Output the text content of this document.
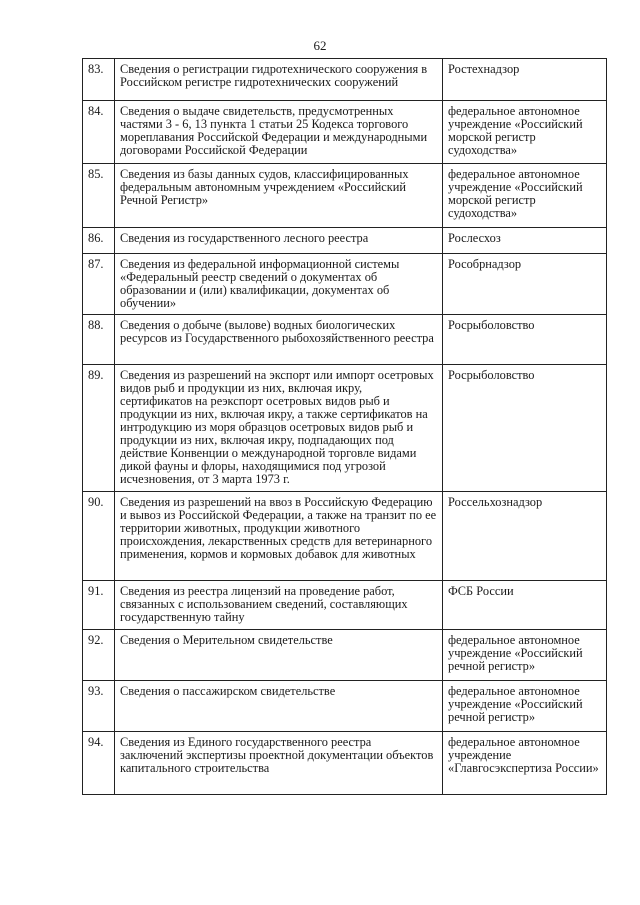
62
83.	Сведения о регистрации гидротехнического сооружения в Российском регистре гидротехнических сооружений	Ростехнадзор
84.	Сведения о выдаче свидетельств, предусмотренных частями 3 - 6, 13 пункта 1 статьи 25 Кодекса торгового мореплавания Российской Федерации и международными договорами Российской Федерации	федеральное автономное учреждение «Российский морской регистр судоходства»
85.	Сведения из базы данных судов, классифицированных федеральным автономным учреждением «Российский Речной Регистр»	федеральное автономное учреждение «Российский морской регистр судоходства»
86.	Сведения из государственного лесного реестра	Рослесхоз
87.	Сведения из федеральной информационной системы «Федеральный реестр сведений о документах об образовании и (или) квалификации, документах об обучении»	Рособрнадзор
88.	Сведения о добыче (вылове) водных биологических ресурсов из Государственного рыбохозяйственного реестра	Росрыболовство
89.	Сведения из разрешений на экспорт или импорт осетровых видов рыб и продукции из них, включая икру, сертификатов на реэкспорт осетровых видов рыб и продукции из них, включая икру, а также сертификатов на интродукцию из моря образцов осетровых видов рыб и продукции из них, включая икру, подпадающих под действие Конвенции о международной торговле видами дикой фауны и флоры, находящимися под угрозой исчезновения, от 3 марта 1973 г.	Росрыболовство
90.	Сведения из разрешений на ввоз в Российскую Федерацию и вывоз из Российской Федерации, а также на транзит по ее территории животных, продукции животного происхождения, лекарственных средств для ветеринарного применения, кормов и кормовых добавок для животных	Россельхознадзор
91.	Сведения из реестра лицензий на проведение работ, связанных с использованием сведений, составляющих государственную тайну	ФСБ России
92.	Сведения о Мерительном свидетельстве	федеральное автономное учреждение «Российский речной регистр»
93.	Сведения о пассажирском свидетельстве	федеральное автономное учреждение «Российский речной регистр»
94.	Сведения из Единого государственного реестра заключений экспертизы проектной документации объектов капитального строительства	федеральное автономное учреждение «Главгосэкспертиза России»
